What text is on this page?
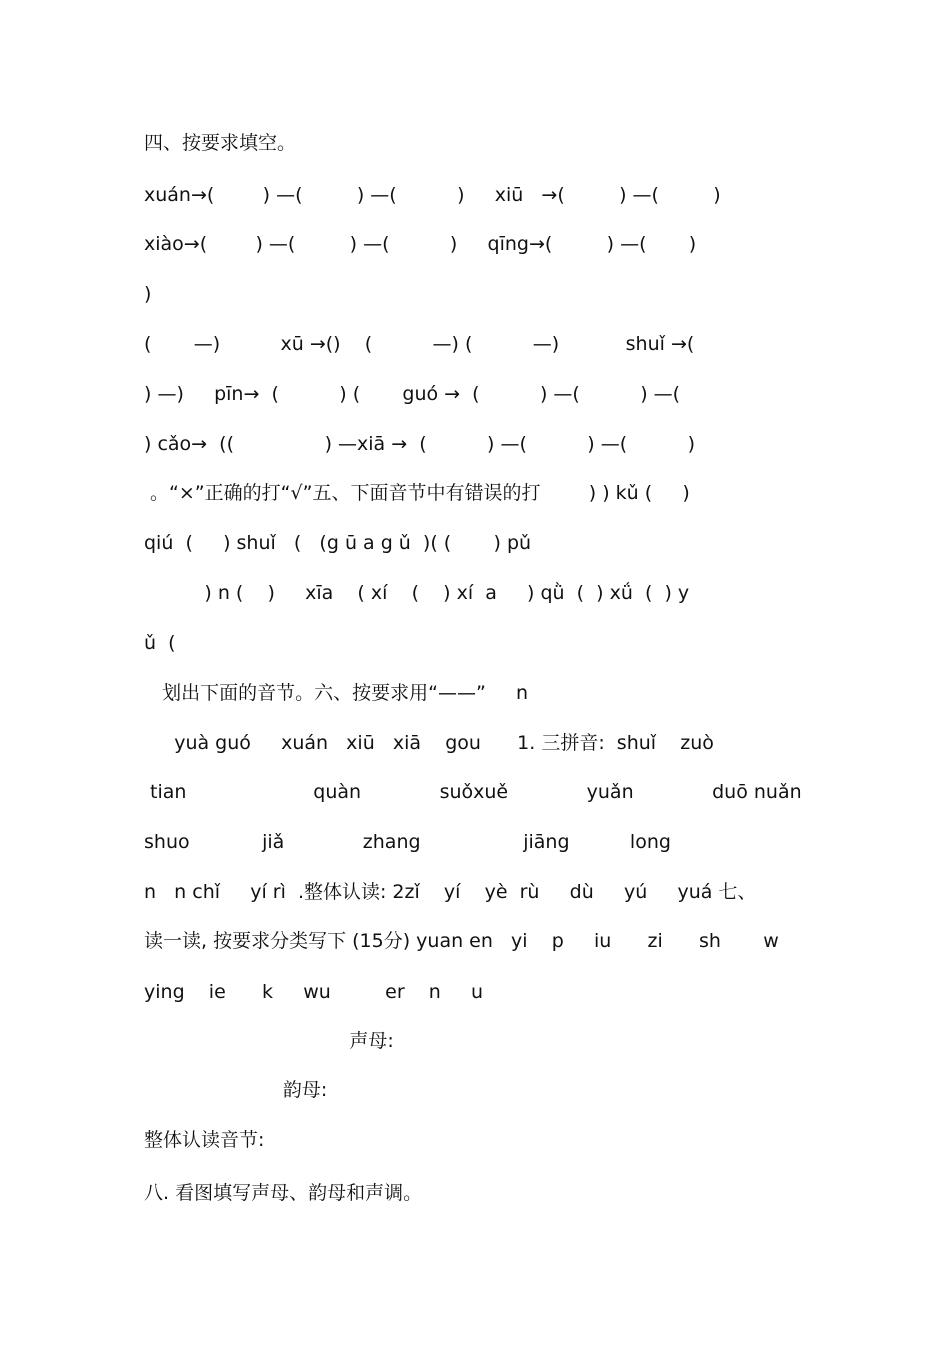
四、按要求填空。
xuán→(        ) —(         ) —(          )     xiū   →(         ) —(         )
xiào→(        ) —(         ) —(          )     qīng→(         ) —(       )
)
(       —)          xū →()    (          —) (          —)           shuǐ →(
) —)     pīn→  (          ) (       guó →  (          ) —(          ) —(
) cǎo→  ((               ) —xiā →  (          ) —(          ) —(          )
。“×”正确的打“√”五、下面音节中有错误的打        ) ) kǔ (     )
qiú  (     ) shuǐ   (   (g ū a g ǔ  )( (       ) pǔ
) n (    )     xīa    ( xí    (    ) xí  a     ) qǜ  (  ) xǘ  (  ) y
ǔ  (
划出下面的音节。六、按要求用“——”     n
yuà guó     xuán   xiū   xiā    gou      1. 三拼音:  shuǐ    zuò
tian                     quàn             suǒxuě             yuǎn             duō nuǎn
shuo            jiǎ             zhang                 jiāng          long
n   n chǐ     yí rì  .整体认读: 2zǐ    yí    yè  rù     dù     yú     yuá 七、
读一读, 按要求分类写下 (15分) yuan en   yi    p     iu      zi      sh       w
ying    ie      k     wu         er    n     u
声母:
韵母:
整体认读音节:
八. 看图填写声母、韵母和声调。
